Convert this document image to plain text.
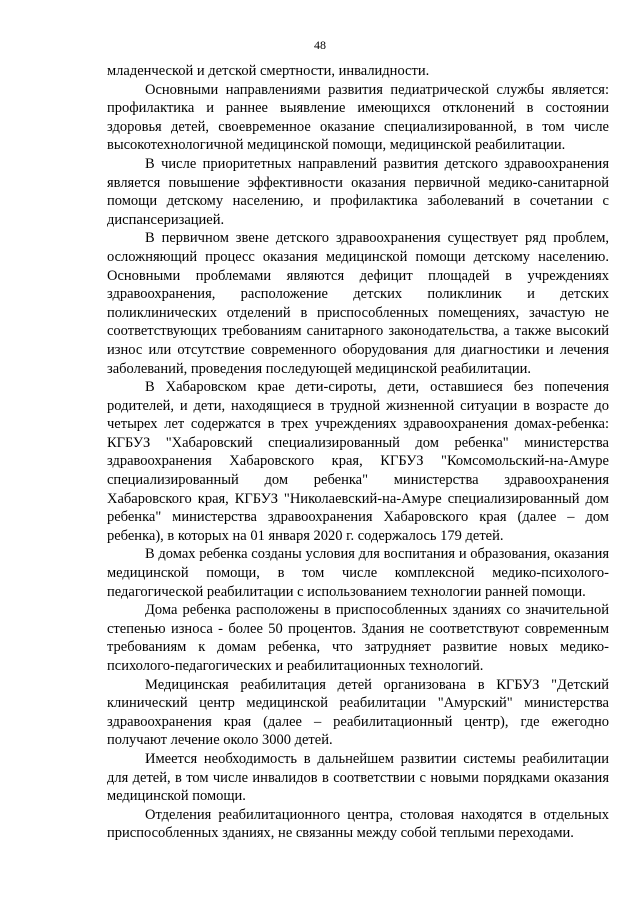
48

младенческой и детской смертности, инвалидности.

Основными направлениями развития педиатрической службы является: профилактика и раннее выявление имеющихся отклонений в состоянии здоровья детей, своевременное оказание специализированной, в том числе высокотехнологичной медицинской помощи, медицинской реабилитации.

В числе приоритетных направлений развития детского здравоохранения является повышение эффективности оказания первичной медико-санитарной помощи детскому населению, и профилактика заболеваний в сочетании с диспансеризацией.

В первичном звене детского здравоохранения существует ряд проблем, осложняющий процесс оказания медицинской помощи детскому населению. Основными проблемами являются дефицит площадей в учреждениях здравоохранения, расположение детских поликлиник и детских поликлинических отделений в приспособленных помещениях, зачастую не соответствующих требованиям санитарного законодательства, а также высокий износ или отсутствие современного оборудования для диагностики и лечения заболеваний, проведения последующей медицинской реабилитации.

В Хабаровском крае дети-сироты, дети, оставшиеся без попечения родителей, и дети, находящиеся в трудной жизненной ситуации в возрасте до четырех лет содержатся в трех учреждениях здравоохранения домах-ребенка: КГБУЗ "Хабаровский специализированный дом ребенка" министерства здравоохранения Хабаровского края, КГБУЗ "Комсомольский-на-Амуре специализированный дом ребенка" министерства здравоохранения Хабаровского края, КГБУЗ "Николаевский-на-Амуре специализированный дом ребенка" министерства здравоохранения Хабаровского края (далее – дом ребенка), в которых на 01 января 2020 г. содержалось 179 детей.

В домах ребенка созданы условия для воспитания и образования, оказания медицинской помощи, в том числе комплексной медико-психолого-педагогической реабилитации с использованием технологии ранней помощи.

Дома ребенка расположены в приспособленных зданиях со значительной степенью износа - более 50 процентов. Здания не соответствуют современным требованиям к домам ребенка, что затрудняет развитие новых медико-психолого-педагогических и реабилитационных технологий.

Медицинская реабилитация детей организована в КГБУЗ "Детский клинический центр медицинской реабилитации "Амурский" министерства здравоохранения края (далее – реабилитационный центр), где ежегодно получают лечение около 3000 детей.

Имеется необходимость в дальнейшем развитии системы реабилитации для детей, в том числе инвалидов в соответствии с новыми порядками оказания медицинской помощи.

Отделения реабилитационного центра, столовая находятся в отдельных приспособленных зданиях, не связанны между собой теплыми переходами.
